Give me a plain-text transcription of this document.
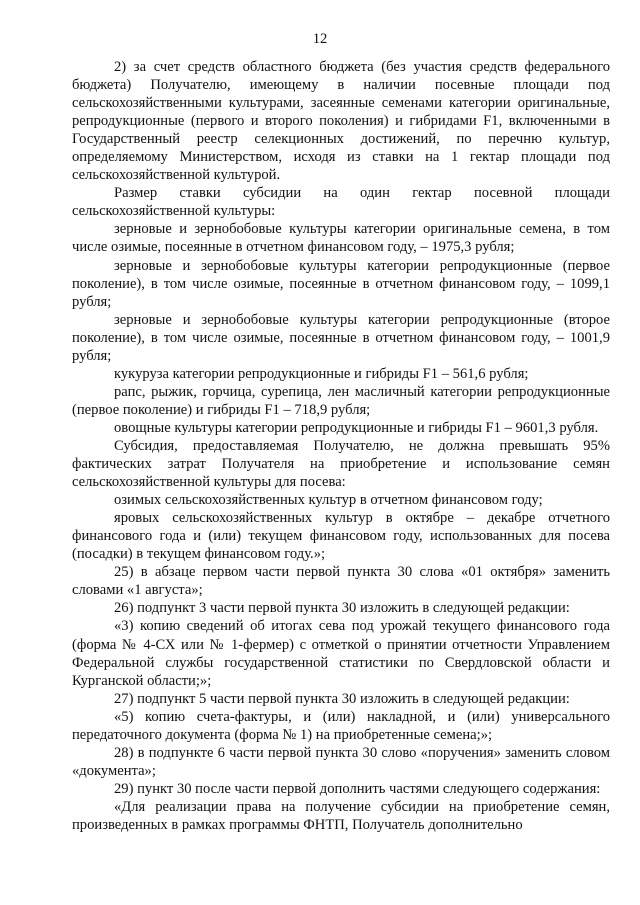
12

2) за счет средств областного бюджета (без участия средств федерального бюджета) Получателю, имеющему в наличии посевные площади под сельскохозяйственными культурами, засеянные семенами категории оригинальные, репродукционные (первого и второго поколения) и гибридами F1, включенными в Государственный реестр селекционных достижений, по перечню культур, определяемому Министерством, исходя из ставки на 1 гектар площади под сельскохозяйственной культурой.

Размер ставки субсидии на один гектар посевной площади сельскохозяйственной культуры:

зерновые и зернобобовые культуры категории оригинальные семена, в том числе озимые, посеянные в отчетном финансовом году, – 1975,3 рубля;

зерновые и зернобобовые культуры категории репродукционные (первое поколение), в том числе озимые, посеянные в отчетном финансовом году, – 1099,1 рубля;

зерновые и зернобобовые культуры категории репродукционные (второе поколение), в том числе озимые, посеянные в отчетном финансовом году, – 1001,9 рубля;

кукуруза категории репродукционные и гибриды F1 – 561,6 рубля;

рапс, рыжик, горчица, сурепица, лен масличный категории репродукционные (первое поколение) и гибриды F1 – 718,9 рубля;

овощные культуры категории репродукционные и гибриды F1 – 9601,3 рубля.

Субсидия, предоставляемая Получателю, не должна превышать 95% фактических затрат Получателя на приобретение и использование семян сельскохозяйственной культуры для посева:

озимых сельскохозяйственных культур в отчетном финансовом году;

яровых сельскохозяйственных культур в октябре – декабре отчетного финансового года и (или) текущем финансовом году, использованных для посева (посадки) в текущем финансовом году.»;

25) в абзаце первом части первой пункта 30 слова «01 октября» заменить словами «1 августа»;

26) подпункт 3 части первой пункта 30 изложить в следующей редакции:

«3) копию сведений об итогах сева под урожай текущего финансового года (форма № 4-СХ или № 1-фермер) с отметкой о принятии отчетности Управлением Федеральной службы государственной статистики по Свердловской области и Курганской области;»;

27) подпункт 5 части первой пункта 30 изложить в следующей редакции:

«5) копию счета-фактуры, и (или) накладной, и (или) универсального передаточного документа (форма № 1) на приобретенные семена;»;

28) в подпункте 6 части первой пункта 30 слово «поручения» заменить словом «документа»;

29) пункт 30 после части первой дополнить частями следующего содержания:

«Для реализации права на получение субсидии на приобретение семян, произведенных в рамках программы ФНТП, Получатель дополнительно
